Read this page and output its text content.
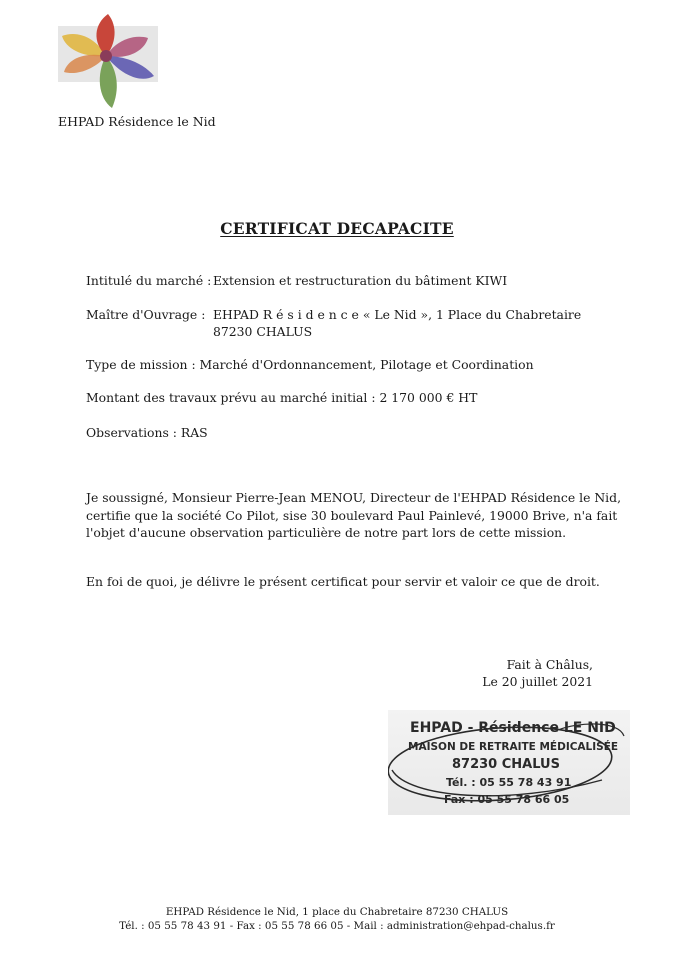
EHPAD Résidence le Nid
CERTIFICAT DECAPACITE
Intitulé du marché : Extension et restructuration du bâtiment KIWI
Maître d'Ouvrage : EHPAD R é s i d e n c e « Le Nid », 1 Place du Chabretaire
87230 CHALUS
Type de mission : Marché d'Ordonnancement, Pilotage et Coordination
Montant des travaux prévu au marché initial : 2 170 000 € HT
Observations : RAS
Je soussigné, Monsieur Pierre-Jean MENOU, Directeur de l'EHPAD Résidence le Nid,
certifie que la société Co Pilot, sise 30 boulevard Paul Painlevé, 19000 Brive, n'a fait
l'objet d'aucune observation particulière de notre part lors de cette mission.
En foi de quoi, je délivre le présent certificat pour servir et valoir ce que de droit.
Fait à Châlus,
Le 20 juillet 2021
EHPAD - Résidence LE NID
MAISON DE RETRAITE MÉDICALISÉE
87230 CHALUS
Tél. : 05 55 78 43 91
Fax : 05 55 78 66 05
EHPAD Résidence le Nid, 1 place du Chabretaire 87230 CHALUS
Tél. : 05 55 78 43 91 - Fax : 05 55 78 66 05 - Mail : administration@ehpad-chalus.fr
